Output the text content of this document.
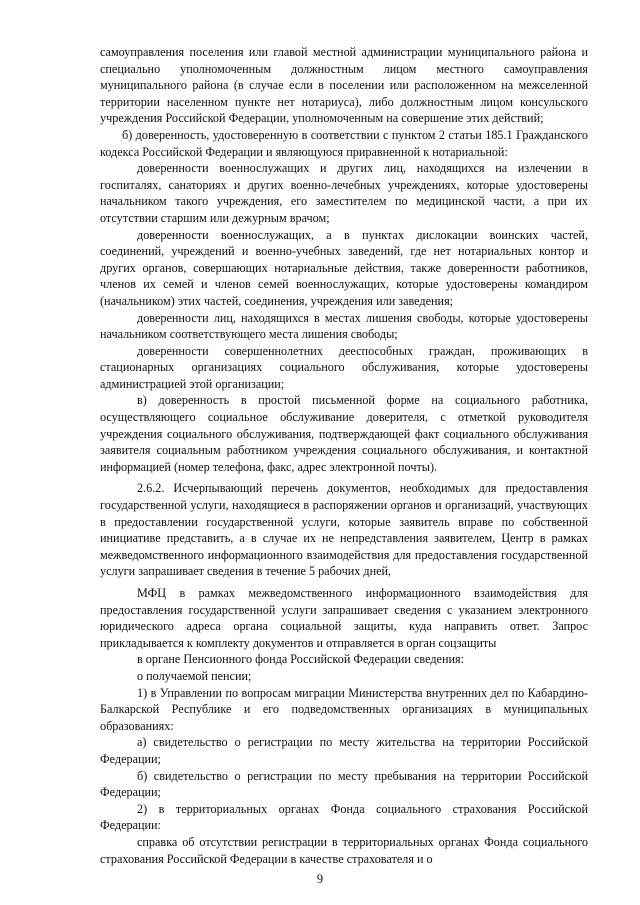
самоуправления поселения или главой местной администрации муниципального района и специально уполномоченным должностным лицом местного самоуправления муниципального района (в случае если в поселении или расположенном на межселенной территории населенном пункте нет нотариуса), либо должностным лицом консульского учреждения Российской Федерации, уполномоченным на совершение этих действий;

б) доверенность, удостоверенную в соответствии с пунктом 2 статьи 185.1 Гражданского кодекса Российской Федерации и являющуюся приравненной к нотариальной:

доверенности военнослужащих и других лиц, находящихся на излечении в госпиталях, санаториях и других военно-лечебных учреждениях, которые удостоверены начальником такого учреждения, его заместителем по медицинской части, а при их отсутствии старшим или дежурным врачом;

доверенности военнослужащих, а в пунктах дислокации воинских частей, соединений, учреждений и военно-учебных заведений, где нет нотариальных контор и других органов, совершающих нотариальные действия, также доверенности работников, членов их семей и членов семей военнослужащих, которые удостоверены командиром (начальником) этих частей, соединения, учреждения или заведения;

доверенности лиц, находящихся в местах лишения свободы, которые удостоверены начальником соответствующего места лишения свободы;

доверенности совершеннолетних дееспособных граждан, проживающих в стационарных организациях социального обслуживания, которые удостоверены администрацией этой организации;

в) доверенность в простой письменной форме на социального работника, осуществляющего социальное обслуживание доверителя, с отметкой руководителя учреждения социального обслуживания, подтверждающей факт социального обслуживания заявителя социальным работником учреждения социального обслуживания, и контактной информацией (номер телефона, факс, адрес электронной почты).

2.6.2. Исчерпывающий перечень документов, необходимых для предоставления государственной услуги, находящиеся в распоряжении органов и организаций, участвующих в предоставлении государственной услуги, которые заявитель вправе по собственной инициативе представить, а в случае их не непредставления заявителем, Центр в рамках межведомственного информационного взаимодействия для предоставления государственной услуги запрашивает сведения в течение 5 рабочих дней,

МФЦ в рамках межведомственного информационного взаимодействия для предоставления государственной услуги запрашивает сведения с указанием электронного юридического адреса органа социальной защиты, куда направить ответ. Запрос прикладывается к комплекту документов и отправляется в орган соцзащиты

в органе Пенсионного фонда Российской Федерации сведения:

о получаемой пенсии;

1) в Управлении по вопросам миграции Министерства внутренних дел по Кабардино-Балкарской Республике и его подведомственных организациях в муниципальных образованиях:

а) свидетельство о регистрации по месту жительства на территории Российской Федерации;

б) свидетельство о регистрации по месту пребывания на территории Российской Федерации;

2) в территориальных органах Фонда социального страхования Российской Федерации:

справка об отсутствии регистрации в территориальных органах Фонда социального страхования Российской Федерации в качестве страхователя и о

9
